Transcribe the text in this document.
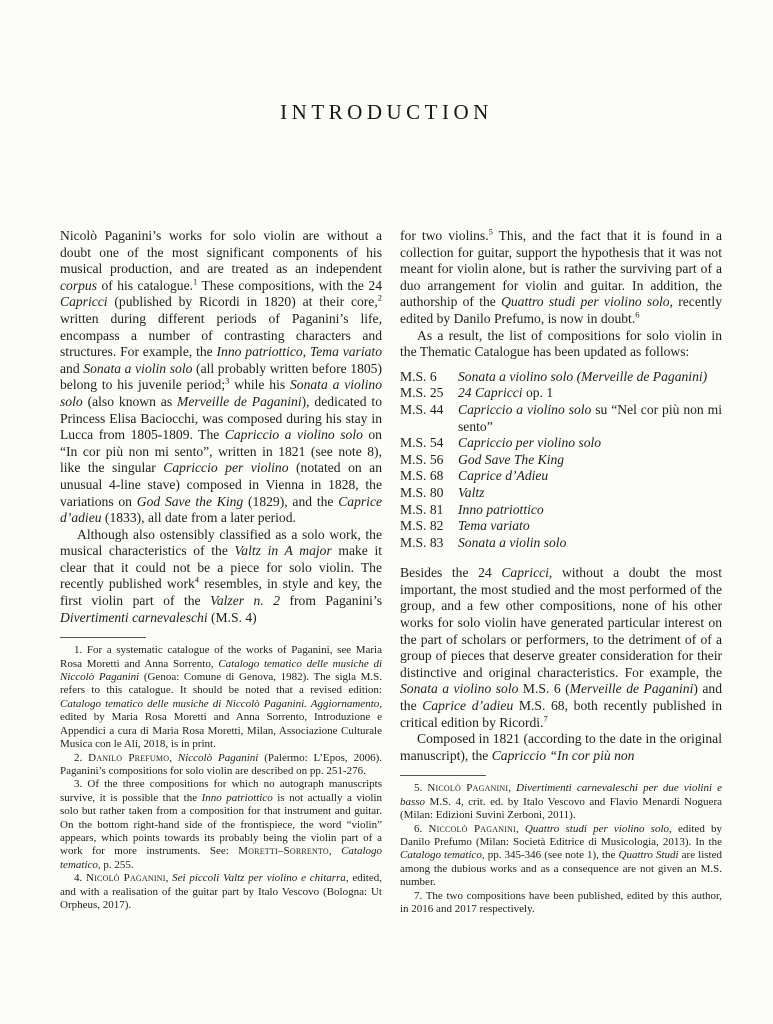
INTRODUCTION

Nicolò Paganini’s works for solo violin are without a doubt one of the most significant components of his musical production, and are treated as an independent corpus of his catalogue.$^1$ These compositions, with the 24 Capricci (published by Ricordi in 1820) at their core,$^2$ written during different periods of Paganini’s life, encompass a number of contrasting characters and structures. For example, the Inno patriottico, Tema variato and Sonata a violin solo (all probably written before 1805) belong to his juvenile period;$^3$ while his Sonata a violino solo (also known as Merveille de Paganini), dedicated to Princess Elisa Baciocchi, was composed during his stay in Lucca from 1805-1809. The Capriccio a violino solo on “In cor più non mi sento”, written in 1821 (see note 8), like the singular Capriccio per violino (notated on an unusual 4-line stave) composed in Vienna in 1828, the variations on God Save the King (1829), and the Caprice d’adieu (1833), all date from a later period.

Although also ostensibly classified as a solo work, the musical characteristics of the Valtz in A major make it clear that it could not be a piece for solo violin. The recently published work$^4$ resembles, in style and key, the first violin part of the Valzer n. 2 from Paganini’s Divertimenti carnevaleschi (M.S. 4)

1. For a systematic catalogue of the works of Paganini, see Maria Rosa Moretti and Anna Sorrento, Catalogo tematico delle musiche di Niccolò Paganini (Genoa: Comune di Genova, 1982). The sigla M.S. refers to this catalogue. It should be noted that a revised edition: Catalogo tematico delle musiche di Niccolò Paganini. Aggiornamento, edited by Maria Rosa Moretti and Anna Sorrento, Introduzione e Appendici a cura di Maria Rosa Moretti, Milan, Associazione Culturale Musica con le Ali, 2018, is in print.

2. Danilo Prefumo, Niccolò Paganini (Palermo: L’Epos, 2006). Paganini’s compositions for solo violin are described on pp. 251-276.

3. Of the three compositions for which no autograph manuscripts survive, it is possible that the Inno patriottico is not actually a violin solo but rather taken from a composition for that instrument and guitar. On the bottom right-hand side of the frontispiece, the word “violin” appears, which points towards its probably being the violin part of a work for more instruments. See: Moretti–Sorrento, Catalogo tematico, p. 255.

4. Nicolò Paganini, Sei piccoli Valtz per violino e chitarra, edited, and with a realisation of the guitar part by Italo Vescovo (Bologna: Ut Orpheus, 2017).

for two violins.$^5$ This, and the fact that it is found in a collection for guitar, support the hypothesis that it was not meant for violin alone, but is rather the surviving part of a duo arrangement for violin and guitar. In addition, the authorship of the Quattro studi per violino solo, recently edited by Danilo Prefumo, is now in doubt.$^6$

As a result, the list of compositions for solo violin in the Thematic Catalogue has been updated as follows:

M.S. 6	Sonata a violino solo (Merveille de Paganini)
M.S. 25	24 Capricci op. 1
M.S. 44	Capriccio a violino solo su “Nel cor più non mi sento”
M.S. 54	Capriccio per violino solo
M.S. 56	God Save The King
M.S. 68	Caprice d’Adieu
M.S. 80	Valtz
M.S. 81	Inno patriottico
M.S. 82	Tema variato
M.S. 83	Sonata a violin solo

Besides the 24 Capricci, without a doubt the most important, the most studied and the most performed of the group, and a few other compositions, none of his other works for solo violin have generated particular interest on the part of scholars or performers, to the detriment of of a group of pieces that deserve greater consideration for their distinctive and original characteristics. For example, the Sonata a violino solo M.S. 6 (Merveille de Paganini) and the Caprice d’adieu M.S. 68, both recently published in critical edition by Ricordi.$^7$

Composed in 1821 (according to the date in the original manuscript), the Capriccio “In cor più non

5. Nicolò Paganini, Divertimenti carnevaleschi per due violini e basso M.S. 4, crit. ed. by Italo Vescovo and Flavio Menardi Noguera (Milan: Edizioni Suvini Zerboni, 2011).

6. Niccolò Paganini, Quattro studi per violino solo, edited by Danilo Prefumo (Milan: Società Editrice di Musicologia, 2013). In the Catalogo tematico, pp. 345-346 (see note 1), the Quattro Studi are listed among the dubious works and as a consequence are not given an M.S. number.

7. The two compositions have been published, edited by this author, in 2016 and 2017 respectively.
